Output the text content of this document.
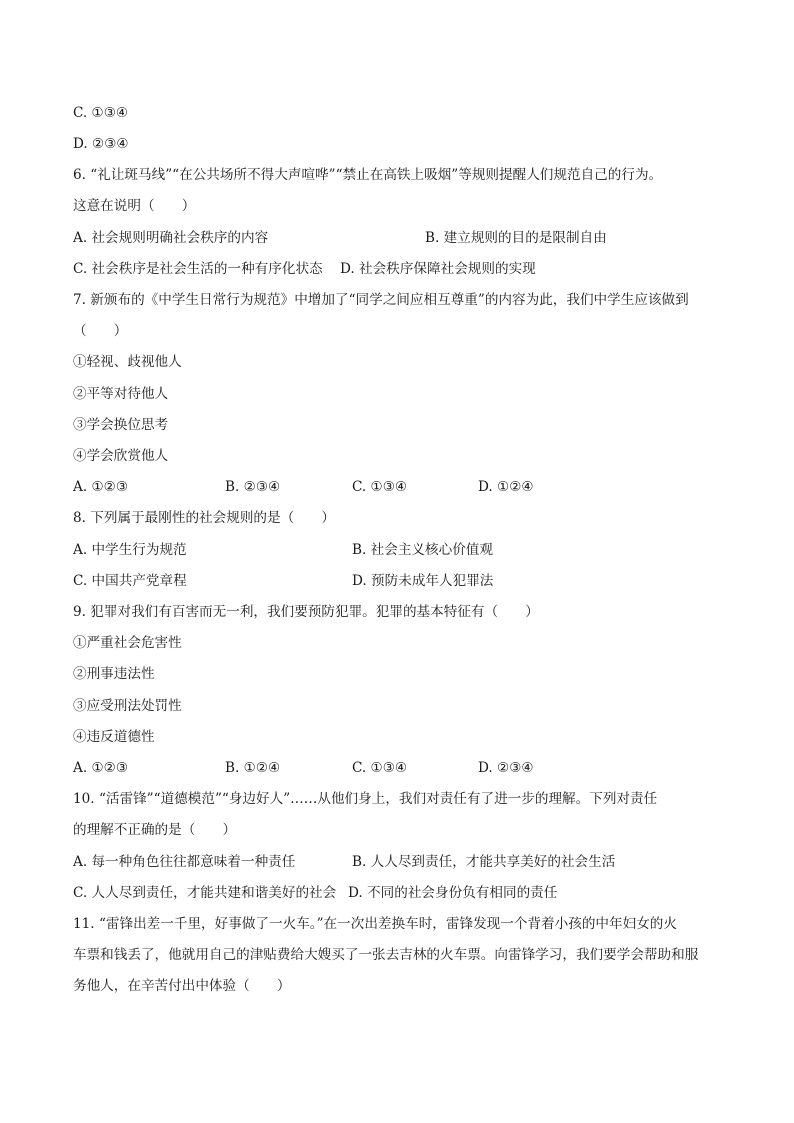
C. ①③④
D. ②③④
6. “礼让斑马线”“在公共场所不得大声喧哗”“禁止在高铁上吸烟”等规则提醒人们规范自己的行为。
这意在说明（　　）
A. 社会规则明确社会秩序的内容	B. 建立规则的目的是限制自由
C. 社会秩序是社会生活的一种有序化状态 D. 社会秩序保障社会规则的实现
7. 新颁布的《中学生日常行为规范》中增加了“同学之间应相互尊重”的内容为此，我们中学生应该做到
（　　）
①轻视、歧视他人
②平等对待他人
③学会换位思考
④学会欣赏他人
A. ①②③	B. ②③④	C. ①③④	D. ①②④
8. 下列属于最刚性的社会规则的是（　　）
A. 中学生行为规范	B. 社会主义核心价值观
C. 中国共产党章程	D. 预防未成年人犯罪法
9. 犯罪对我们有百害而无一利，我们要预防犯罪。犯罪的基本特征有（　　）
①严重社会危害性
②刑事违法性
③应受刑法处罚性
④违反道德性
A. ①②③	B. ①②④	C. ①③④	D. ②③④
10. “活雷锋”“道德模范”“身边好人”……从他们身上，我们对责任有了进一步的理解。下列对责任
的理解不正确的是（　　）
A. 每一种角色往往都意味着一种责任	B. 人人尽到责任，才能共享美好的社会生活
C. 人人尽到责任，才能共建和谐美好的社会 D. 不同的社会身份负有相同的责任
11. “雷锋出差一千里，好事做了一火车。”在一次出差换车时，雷锋发现一个背着小孩的中年妇女的火
车票和钱丢了，他就用自己的津贴费给大嫂买了一张去吉林的火车票。向雷锋学习，我们要学会帮助和服
务他人，在辛苦付出中体验（　　）
